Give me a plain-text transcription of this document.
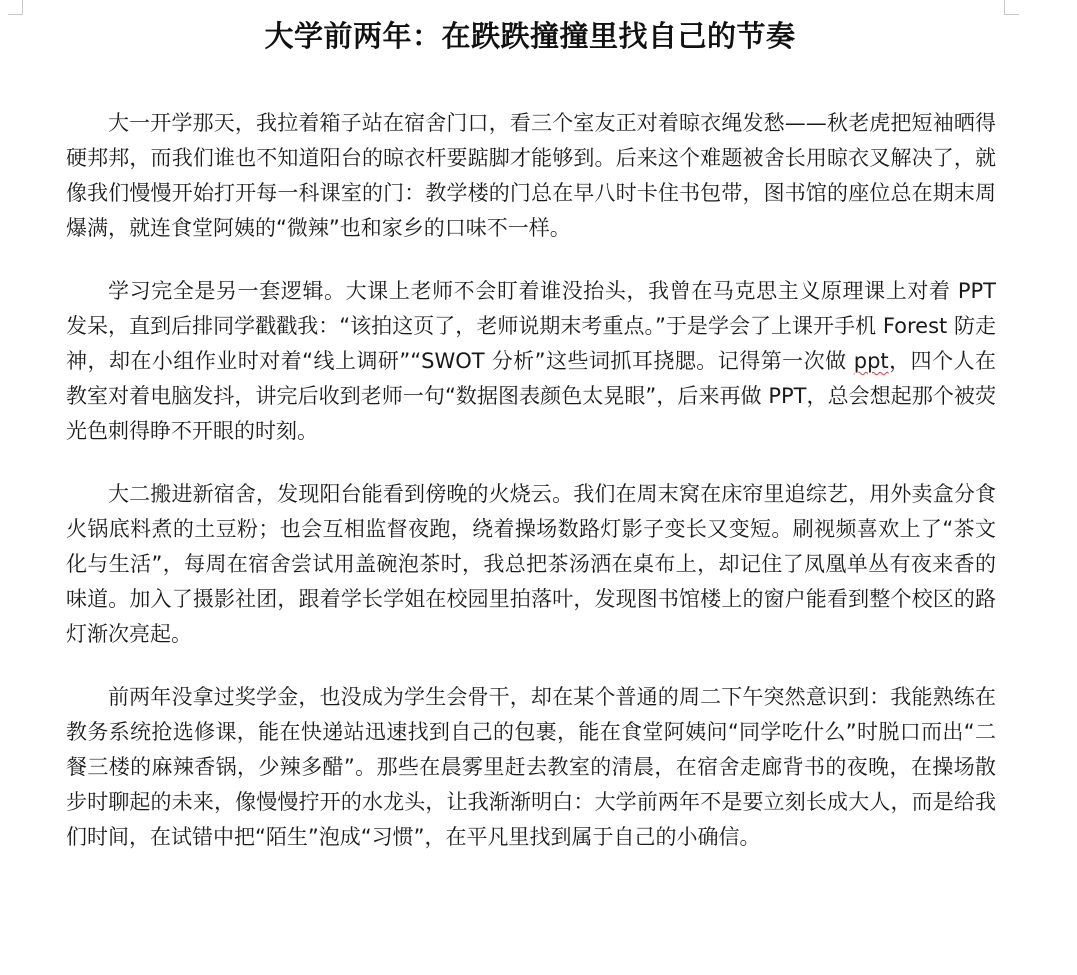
大学前两年：在跌跌撞撞里找自己的节奏

大一开学那天，我拉着箱子站在宿舍门口，看三个室友正对着晾衣绳发愁——秋老虎把短袖晒得硬邦邦，而我们谁也不知道阳台的晾衣杆要踮脚才能够到。后来这个难题被舍长用晾衣叉解决了，就像我们慢慢开始打开每一科课室的门：教学楼的门总在早八时卡住书包带，图书馆的座位总在期末周爆满，就连食堂阿姨的“微辣”也和家乡的口味不一样。

学习完全是另一套逻辑。大课上老师不会盯着谁没抬头，我曾在马克思主义原理课上对着 PPT 发呆，直到后排同学戳戳我：“该拍这页了，老师说期末考重点。”于是学会了上课开手机 Forest 防走神，却在小组作业时对着“线上调研”“SWOT 分析”这些词抓耳挠腮。记得第一次做 ppt，四个人在教室对着电脑发抖，讲完后收到老师一句“数据图表颜色太晃眼”，后来再做 PPT，总会想起那个被荧光色刺得睁不开眼的时刻。

大二搬进新宿舍，发现阳台能看到傍晚的火烧云。我们在周末窝在床帘里追综艺，用外卖盒分食火锅底料煮的土豆粉；也会互相监督夜跑，绕着操场数路灯影子变长又变短。刷视频喜欢上了“茶文化与生活”，每周在宿舍尝试用盖碗泡茶时，我总把茶汤洒在桌布上，却记住了凤凰单丛有夜来香的味道。加入了摄影社团，跟着学长学姐在校园里拍落叶，发现图书馆楼上的窗户能看到整个校区的路灯渐次亮起。

前两年没拿过奖学金，也没成为学生会骨干，却在某个普通的周二下午突然意识到：我能熟练在教务系统抢选修课，能在快递站迅速找到自己的包裹，能在食堂阿姨问“同学吃什么”时脱口而出“二餐三楼的麻辣香锅，少辣多醋”。那些在晨雾里赶去教室的清晨，在宿舍走廊背书的夜晚，在操场散步时聊起的未来，像慢慢拧开的水龙头，让我渐渐明白：大学前两年不是要立刻长成大人，而是给我们时间，在试错中把“陌生”泡成“习惯”，在平凡里找到属于自己的小确信。
